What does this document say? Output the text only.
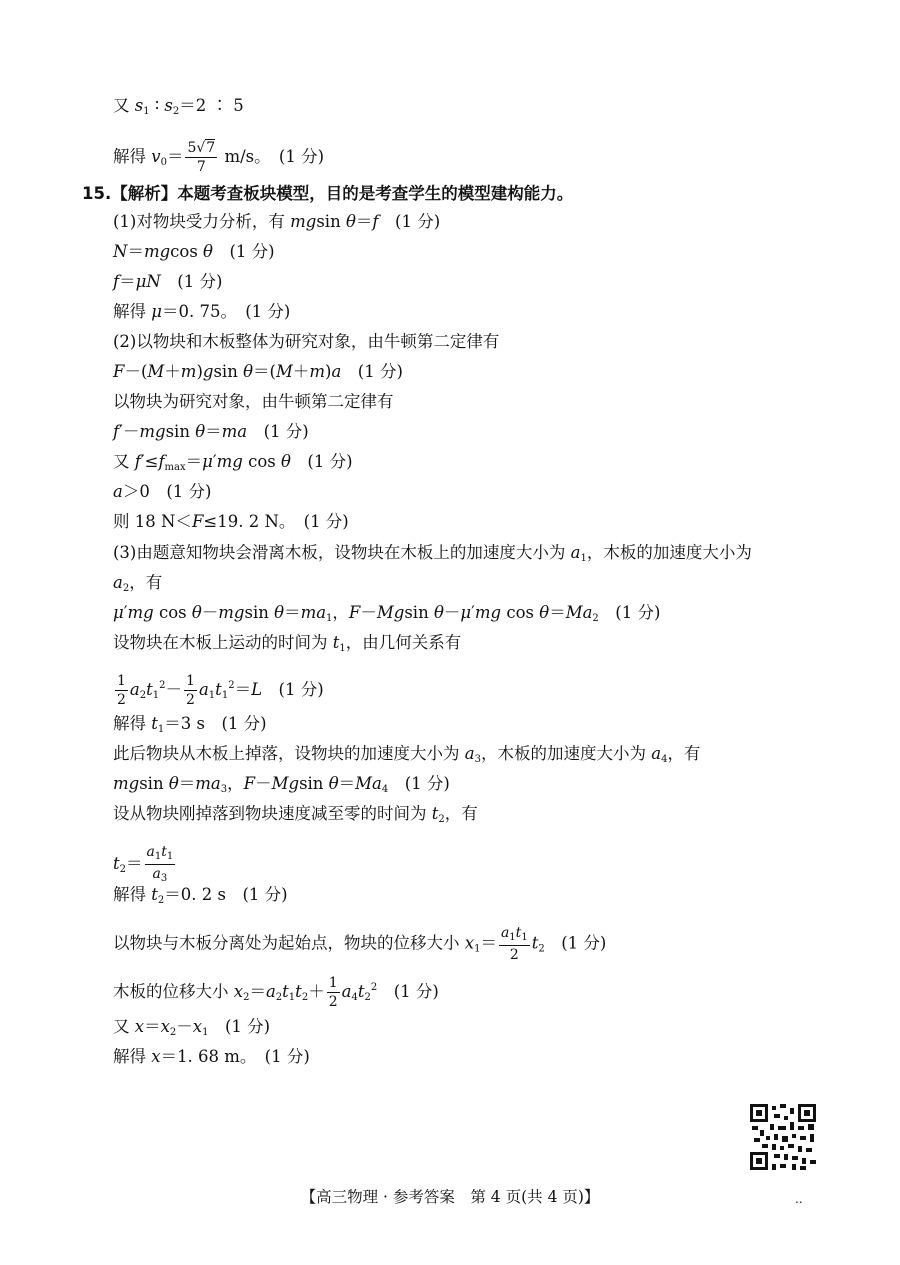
又 $s_1$ ∶ $s_2=2$ ∶ 5
解得 $v_0= \frac{5√7}{7} m/s$。　(1 分)
15.【解析】本题考查板块模型，目的是考查学生的模型建构能力。
(1)对物块受力分析，有 mgsin θ＝f　(1 分)
N＝mgcos θ　(1 分)
f＝μN　(1 分)
解得 μ＝0. 75。　(1 分)
(2)以物块和木板整体为研究对象，由牛顿第二定律有
F－(M＋m)gsin θ＝(M＋m)a　(1 分)
以物块为研究对象，由牛顿第二定律有
f′－mgsin θ＝ma　(1 分)
又 $f'\le f_{max}=\mu'mg$ cos θ　(1 分)
a＞0　(1 分)
则 18 N＜F≤19. 2 N。　(1 分)
(3)由题意知物块会滑离木板，设物块在木板上的加速度大小为 $a_1$，木板的加速度大小为
$a_2$，有
μ′mg cos θ－mgsin $\theta=ma_1$，F－Mgsin θ－μ′mg $\cos \theta=Ma_2$　(1 分)
设物块在木板上运动的时间为 $t_1$，由几何关系有
$\frac{1}{2} a_2t_1^2- \frac{1}{2} a_1t_1^2=L$　(1 分)
解得 $t_1=3$ s　(1 分)
此后物块从木板上掉落，设物块的加速度大小为 $a_3$，木板的加速度大小为 $a_4$，有
mgsin $\theta=ma_3$，F－Mgsin $\theta=Ma_4$　(1 分)
设从物块刚掉落到物块速度减至零的时间为 $t_2$，有
$t_2= \frac{a_1t_1}{a_3}$
解得 $t_2=0$. 2 s　(1 分)
以物块与木板分离处为起始点，物块的位移大小 $x_1= \frac{a_1t_1}{2} t_2$　(1 分)
木板的位移大小 $x_2=a_2t_1t_2+ \frac{1}{2} a_4t_2^2$　(1 分)
又 $x=x_2-x_1$　(1 分)
解得 x＝1. 68 m。　(1 分)
【高三物理 · 参考答案　第 4 页(共 4 页)】	..
